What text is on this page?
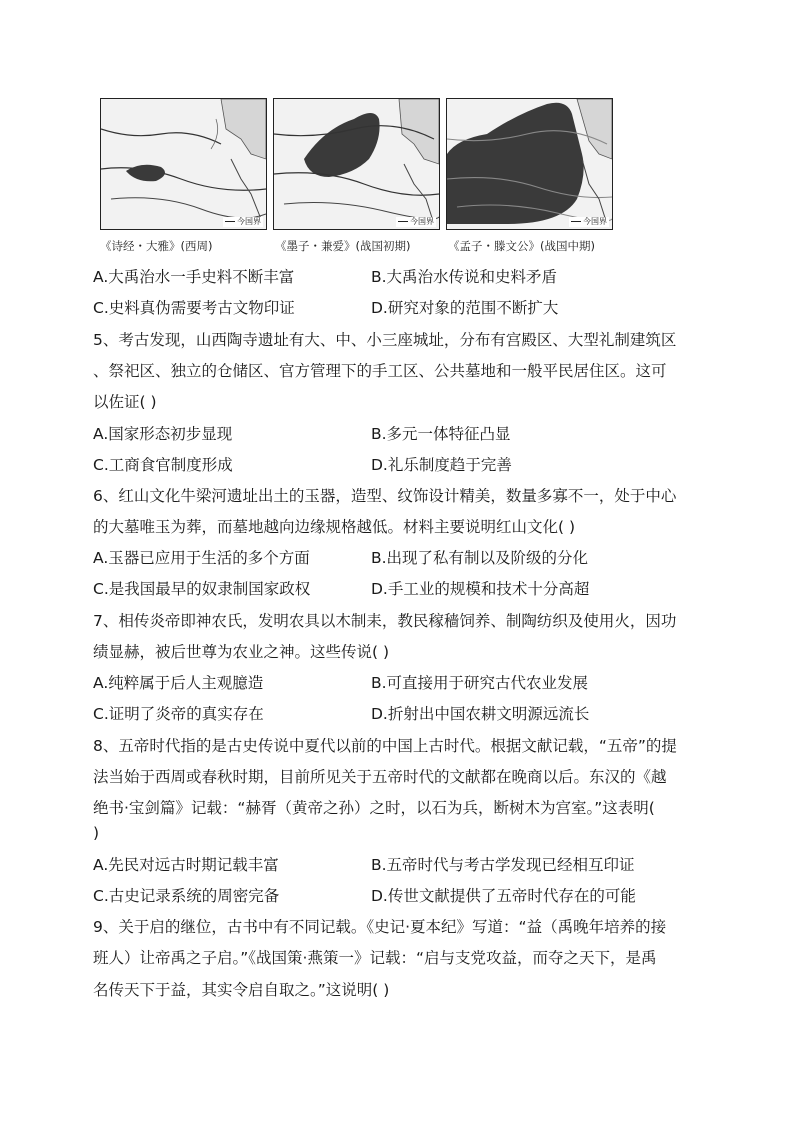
今国界	今国界	今国界
《诗经・大雅》(西周)	《墨子・兼爱》(战国初期)	《孟子・滕文公》(战国中期)
A.大禹治水一手史料不断丰富	B.大禹治水传说和史料矛盾
C.史料真伪需要考古文物印证	D.研究对象的范围不断扩大
5、考古发现，山西陶寺遗址有大、中、小三座城址，分布有宫殿区、大型礼制建筑区
、祭祀区、独立的仓储区、官方管理下的手工区、公共墓地和一般平民居住区。这可
以佐证( )
A.国家形态初步显现	B.多元一体特征凸显
C.工商食官制度形成	D.礼乐制度趋于完善
6、红山文化牛梁河遗址出土的玉器，造型、纹饰设计精美，数量多寡不一，处于中心
的大墓唯玉为葬，而墓地越向边缘规格越低。材料主要说明红山文化( )
A.玉器已应用于生活的多个方面	B.出现了私有制以及阶级的分化
C.是我国最早的奴隶制国家政权	D.手工业的规模和技术十分高超
7、相传炎帝即神农氏，发明农具以木制耒，教民稼穑饲养、制陶纺织及使用火，因功
绩显赫，被后世尊为农业之神。这些传说( )
A.纯粹属于后人主观臆造	B.可直接用于研究古代农业发展
C.证明了炎帝的真实存在	D.折射出中国农耕文明源远流长
8、五帝时代指的是古史传说中夏代以前的中国上古时代。根据文献记载，“五帝”的提
法当始于西周或春秋时期，目前所见关于五帝时代的文献都在晚商以后。东汉的《越
绝书·宝剑篇》记载：“赫胥（黄帝之孙）之时，以石为兵，断树木为宫室。”这表明(
)
A.先民对远古时期记载丰富	B.五帝时代与考古学发现已经相互印证
C.古史记录系统的周密完备	D.传世文献提供了五帝时代存在的可能
9、关于启的继位，古书中有不同记载。《史记·夏本纪》写道：“益（禹晚年培养的接
班人）让帝禹之子启。”《战国策·燕策一》记载：“启与支党攻益，而夺之天下，是禹
名传天下于益，其实令启自取之。”这说明( )
